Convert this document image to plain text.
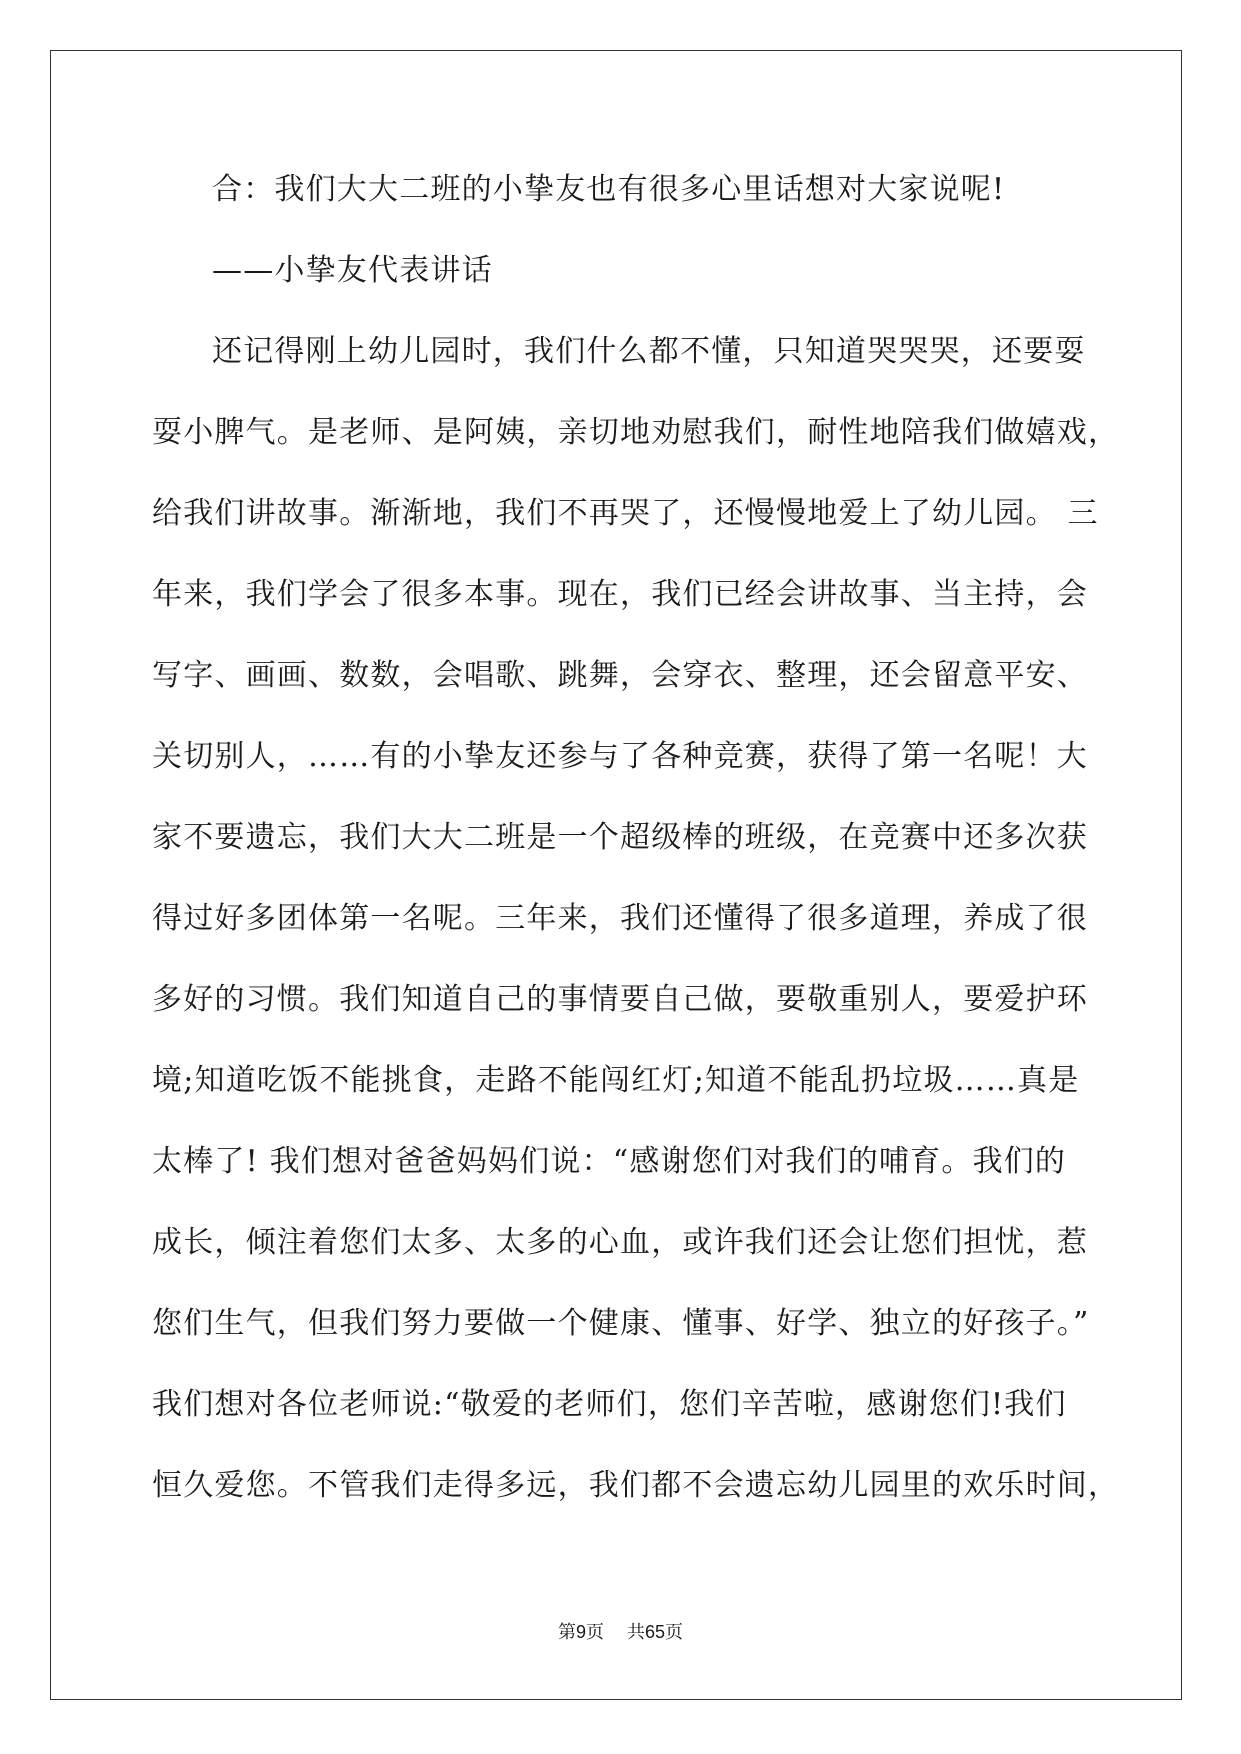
合：我们大大二班的小挚友也有很多心里话想对大家说呢!
——小挚友代表讲话
还记得刚上幼儿园时，我们什么都不懂，只知道哭哭哭，还要耍
耍小脾气。是老师、是阿姨，亲切地劝慰我们，耐性地陪我们做嬉戏，
给我们讲故事。渐渐地，我们不再哭了，还慢慢地爱上了幼儿园。 三
年来，我们学会了很多本事。现在，我们已经会讲故事、当主持，会
写字、画画、数数，会唱歌、跳舞，会穿衣、整理，还会留意平安、
关切别人，……有的小挚友还参与了各种竞赛，获得了第一名呢！大
家不要遗忘，我们大大二班是一个超级棒的班级，在竞赛中还多次获
得过好多团体第一名呢。三年来，我们还懂得了很多道理，养成了很
多好的习惯。我们知道自己的事情要自己做，要敬重别人，要爱护环
境;知道吃饭不能挑食，走路不能闯红灯;知道不能乱扔垃圾……真是
太棒了! 我们想对爸爸妈妈们说：“感谢您们对我们的哺育。我们的
成长，倾注着您们太多、太多的心血，或许我们还会让您们担忧，惹
您们生气，但我们努力要做一个健康、懂事、好学、独立的好孩子。”
我们想对各位老师说:“敬爱的老师们，您们辛苦啦，感谢您们!我们
恒久爱您。不管我们走得多远，我们都不会遗忘幼儿园里的欢乐时间，
第9页 共65页
